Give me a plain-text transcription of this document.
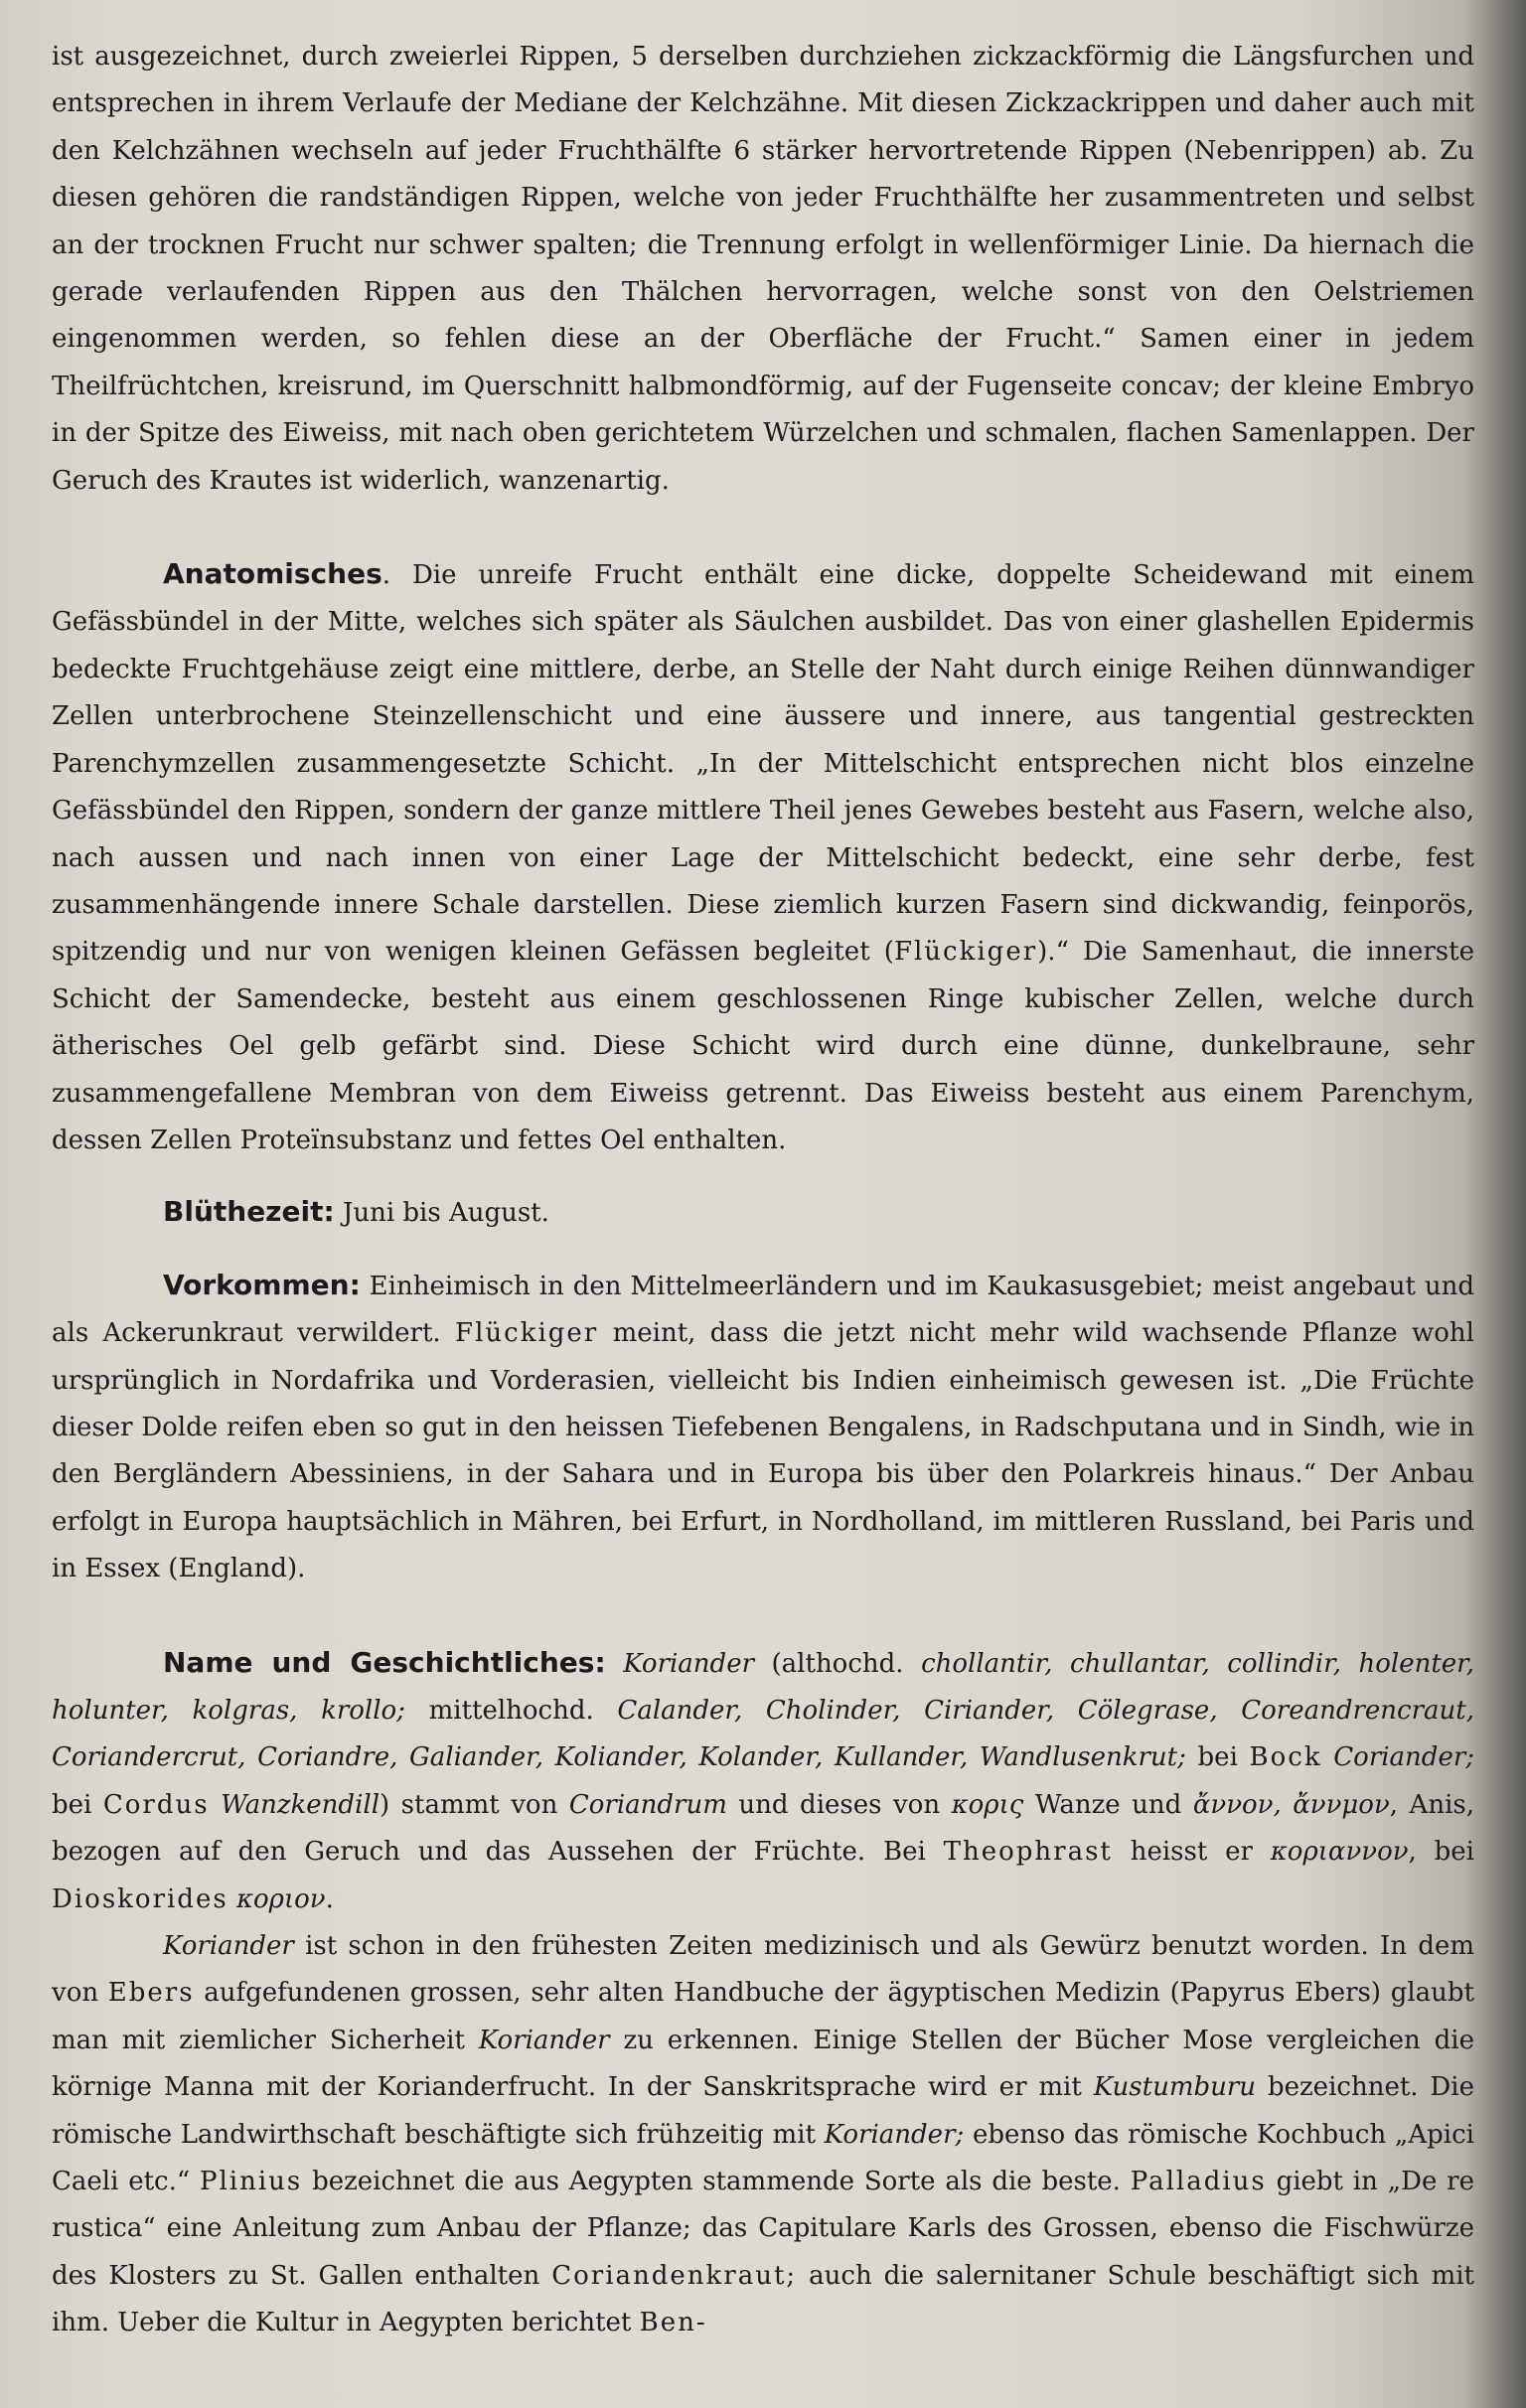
ist ausgezeichnet, durch zweierlei Rippen, 5 derselben durchziehen zickzackförmig die Längsfurchen und entsprechen in ihrem Verlaufe der Mediane der Kelchzähne. Mit diesen Zickzackrippen und daher auch mit den Kelchzähnen wechseln auf jeder Fruchthälfte 6 stärker hervortretende Rippen (Nebenrippen) ab. Zu diesen gehören die randständigen Rippen, welche von jeder Fruchthälfte her zusammentreten und selbst an der trocknen Frucht nur schwer spalten; die Trennung erfolgt in wellenförmiger Linie. Da hiernach die gerade verlaufenden Rippen aus den Thälchen hervorragen, welche sonst von den Oelstriemen eingenommen werden, so fehlen diese an der Oberfläche der Frucht.“ Samen einer in jedem Theilfrüchtchen, kreisrund, im Querschnitt halbmondförmig, auf der Fugenseite concav; der kleine Embryo in der Spitze des Eiweiss, mit nach oben gerichtetem Würzelchen und schmalen, flachen Samenlappen. Der Geruch des Krautes ist widerlich, wanzenartig.

Anatomisches. Die unreife Frucht enthält eine dicke, doppelte Scheidewand mit einem Gefässbündel in der Mitte, welches sich später als Säulchen ausbildet. Das von einer glashellen Epidermis bedeckte Fruchtgehäuse zeigt eine mittlere, derbe, an Stelle der Naht durch einige Reihen dünnwandiger Zellen unterbrochene Steinzellenschicht und eine äussere und innere, aus tangential gestreckten Parenchymzellen zusammengesetzte Schicht. „In der Mittelschicht entsprechen nicht blos einzelne Gefässbündel den Rippen, sondern der ganze mittlere Theil jenes Gewebes besteht aus Fasern, welche also, nach aussen und nach innen von einer Lage der Mittelschicht bedeckt, eine sehr derbe, fest zusammenhängende innere Schale darstellen. Diese ziemlich kurzen Fasern sind dickwandig, feinporös, spitzendig und nur von wenigen kleinen Gefässen begleitet (Flückiger).“ Die Samenhaut, die innerste Schicht der Samendecke, besteht aus einem geschlossenen Ringe kubischer Zellen, welche durch ätherisches Oel gelb gefärbt sind. Diese Schicht wird durch eine dünne, dunkelbraune, sehr zusammengefallene Membran von dem Eiweiss getrennt. Das Eiweiss besteht aus einem Parenchym, dessen Zellen Proteïnsubstanz und fettes Oel enthalten.

Blüthezeit: Juni bis August.

Vorkommen: Einheimisch in den Mittelmeerländern und im Kaukasusgebiet; meist angebaut und als Ackerunkraut verwildert. Flückiger meint, dass die jetzt nicht mehr wild wachsende Pflanze wohl ursprünglich in Nordafrika und Vorderasien, vielleicht bis Indien einheimisch gewesen ist. „Die Früchte dieser Dolde reifen eben so gut in den heissen Tiefebenen Bengalens, in Radschputana und in Sindh, wie in den Bergländern Abessiniens, in der Sahara und in Europa bis über den Polarkreis hinaus.“ Der Anbau erfolgt in Europa hauptsächlich in Mähren, bei Erfurt, in Nordholland, im mittleren Russland, bei Paris und in Essex (England).

Name und Geschichtliches: Koriander (althochd. chollantir, chullantar, collindir, holenter, holunter, kolgras, krollo; mittelhochd. Calander, Cholinder, Ciriander, Cölegrase, Coreandrencraut, Coriandercrut, Coriandre, Galiander, Koliander, Kolander, Kullander, Wandlusenkrut; bei Bock Coriander; bei Cordus Wanzkendill) stammt von Coriandrum und dieses von κορις Wanze und ἄννον, ἄννμον, Anis, bezogen auf den Geruch und das Aussehen der Früchte. Bei Theophrast heisst er κοριαννον, bei Dioskorides κοριον.

Koriander ist schon in den frühesten Zeiten medizinisch und als Gewürz benutzt worden. In dem von Ebers aufgefundenen grossen, sehr alten Handbuche der ägyptischen Medizin (Papyrus Ebers) glaubt man mit ziemlicher Sicherheit Koriander zu erkennen. Einige Stellen der Bücher Mose vergleichen die körnige Manna mit der Korianderfrucht. In der Sanskritsprache wird er mit Kustumburu bezeichnet. Die römische Landwirthschaft beschäftigte sich frühzeitig mit Koriander; ebenso das römische Kochbuch „Apici Caeli etc.“ Plinius bezeichnet die aus Aegypten stammende Sorte als die beste. Palladius giebt in „De re rustica“ eine Anleitung zum Anbau der Pflanze; das Capitulare Karls des Grossen, ebenso die Fischwürze des Klosters zu St. Gallen enthalten Coriandenkraut; auch die salernitaner Schule beschäftigt sich mit ihm. Ueber die Kultur in Aegypten berichtet Ben-
